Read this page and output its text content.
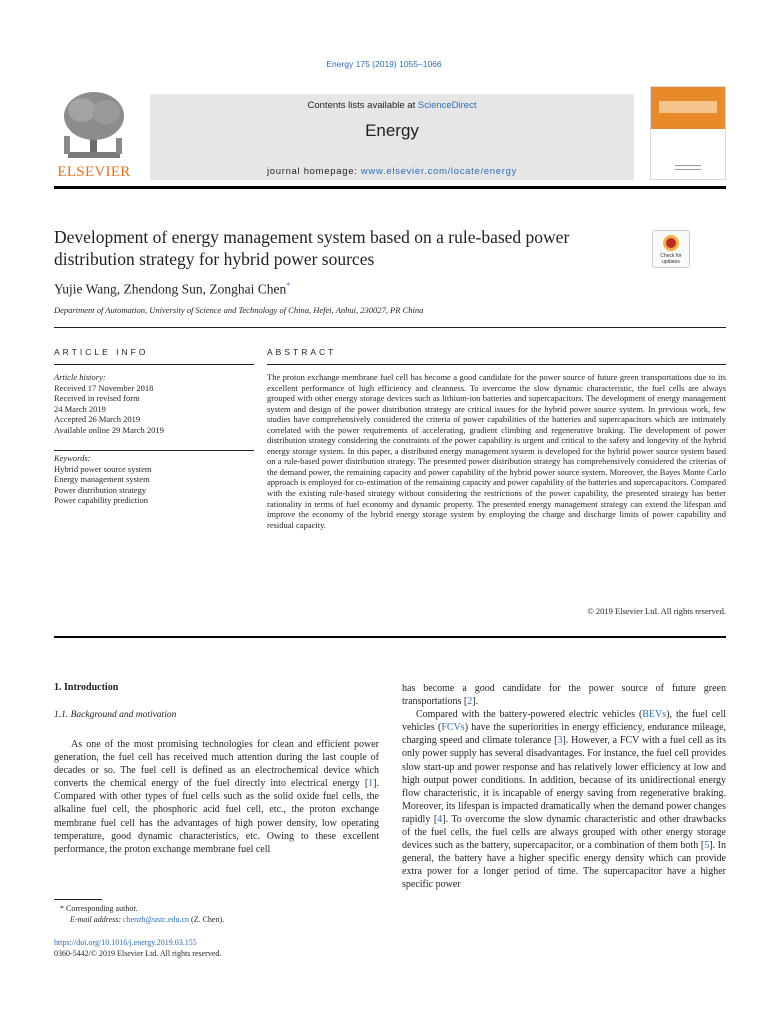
Energy 175 (2019) 1055–1066
ELSEVIER
Contents lists available at ScienceDirect
Energy
journal homepage: www.elsevier.com/locate/energy
Development of energy management system based on a rule-based power distribution strategy for hybrid power sources	Check for updates
Yujie Wang, Zhendong Sun, Zonghai Chen*
Department of Automation, University of Science and Technology of China, Hefei, Anhui, 230027, PR China
ARTICLE INFO	ABSTRACT
Article history:
Received 17 November 2018
Received in revised form
24 March 2019
Accepted 26 March 2019
Available online 29 March 2019
Keywords:
Hybrid power source system
Energy management system
Power distribution strategy
Power capability prediction
The proton exchange membrane fuel cell has become a good candidate for the power source of future green transportations due to its excellent performance of high efficiency and cleanness. To overcome the slow dynamic characteristic, the fuel cells are always grouped with other energy storage devices such as lithium-ion batteries and supercapacitors. The development of energy management system and design of the power distribution strategy are critical issues for the hybrid power source system. In previous work, few studies have comprehensively considered the criteria of power capabilities of the batteries and supercapacitors which are intimately correlated with the power requirements of accelerating, gradient climbing and regenerative braking. The development of power distribution strategy considering the constraints of the power capability is urgent and critical to the safety and longevity of the hybrid energy storage system. In this paper, a distributed energy management system is developed for the hybrid power source system based on a rule-based power distribution strategy. The presented power distribution strategy has comprehensively considered the criterias of the demand power, the remaining capacity and power capability of the hybrid power source system. Moreover, the Bayes Monte Carlo approach is employed for co-estimation of the remaining capacity and power capability of the batteries and supercapacitors. Compared with the existing rule-based strategy without considering the restrictions of the power capability, the presented strategy has better rationality in terms of fuel economy and dynamic property. The presented energy management strategy can extend the lifespan and improve the economy of the hybrid energy storage system by employing the charge and discharge limits of power capability and residual capacity.
© 2019 Elsevier Ltd. All rights reserved.
1. Introduction
1.1. Background and motivation
As one of the most promising technologies for clean and efficient power generation, the fuel cell has received much attention during the last couple of decades or so. The fuel cell is defined as an electrochemical device which converts the chemical energy of the fuel directly into electrical energy [1]. Compared with other types of fuel cells such as the solid oxide fuel cells, the alkaline fuel cell, the phosphoric acid fuel cell, etc., the proton exchange membrane fuel cell has the advantages of high power density, low operating temperature, good dynamic characteristics, etc. Owing to these excellent performance, the proton exchange membrane fuel cell

has become a good candidate for the power source of future green transportations [2].

Compared with the battery-powered electric vehicles (BEVs), the fuel cell vehicles (FCVs) have the superiorities in energy efficiency, endurance mileage, charging speed and climate tolerance [3]. However, a FCV with a fuel cell as its only power supply has several disadvantages. For instance, the fuel cell provides slow start-up and power response and has relatively lower efficiency at low and high output power conditions. In addition, because of its unidirectional energy flow characteristic, it is incapable of energy saving from regenerative braking. Moreover, its lifespan is impacted dramatically when the demand power changes rapidly [4]. To overcome the slow dynamic characteristic and other drawbacks of the fuel cells, the fuel cells are always grouped with other energy storage devices such as the battery, supercapacitor, or a combination of them both [5]. In general, the battery have a higher specific energy density which can provide extra power for a longer period of time. The supercapacitor have a higher specific power

* Corresponding author.
E-mail address: chenzh@ustc.edu.cn (Z. Chen).
https://doi.org/10.1016/j.energy.2019.03.155
0360-5442/© 2019 Elsevier Ltd. All rights reserved.
